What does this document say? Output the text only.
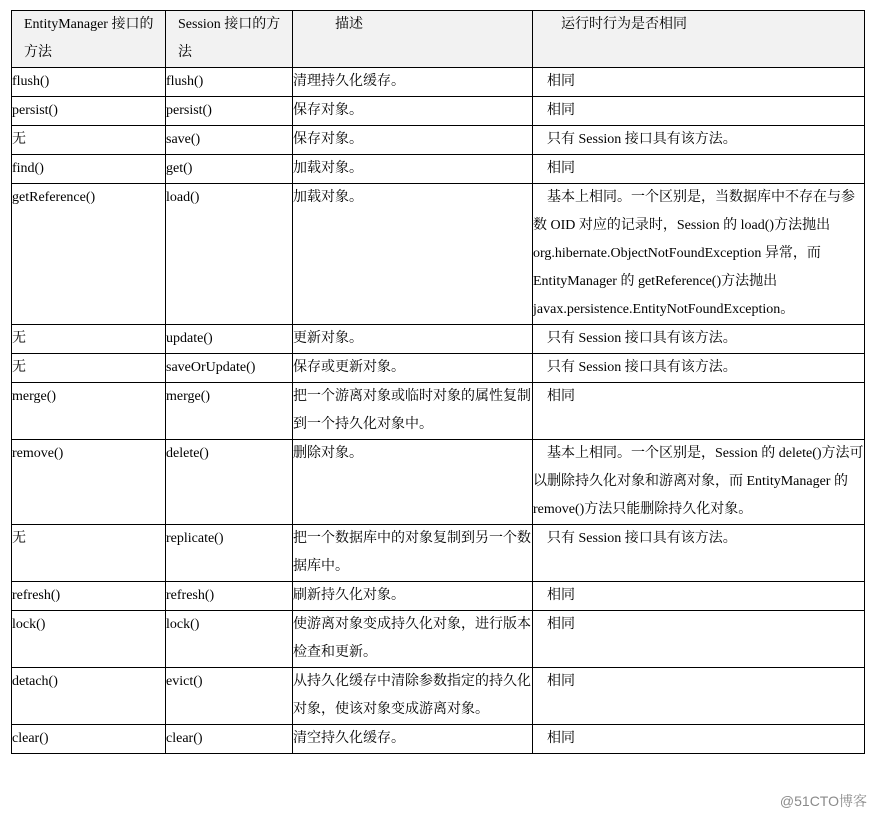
EntityManager 接口的方法	Session 接口的方法	描述	运行时行为是否相同

flush()	flush()	清理持久化缓存。	相同

persist()	persist()	保存对象。	相同

无	save()	保存对象。	只有 Session 接口具有该方法。

find()	get()	加载对象。	相同

getReference()	load()	加载对象。	基本上相同。一个区别是，当数据库中不存在与参数 OID 对应的记录时，Session 的 load()方法抛出 org.hibernate.ObjectNotFoundException 异常，而 EntityManager 的 getReference()方法抛出 javax.persistence.EntityNotFoundException。

无	update()	更新对象。	只有 Session 接口具有该方法。

无	saveOrUpdate()	保存或更新对象。	只有 Session 接口具有该方法。

merge()	merge()	把一个游离对象或临时对象的属性复制到一个持久化对象中。	相同

remove()	delete()	删除对象。	基本上相同。一个区别是，Session 的 delete()方法可以删除持久化对象和游离对象，而 EntityManager 的 remove()方法只能删除持久化对象。

无	replicate()	把一个数据库中的对象复制到另一个数据库中。	只有 Session 接口具有该方法。

refresh()	refresh()	刷新持久化对象。	相同

lock()	lock()	使游离对象变成持久化对象，进行版本检查和更新。	相同

detach()	evict()	从持久化缓存中清除参数指定的持久化对象，使该对象变成游离对象。	相同

clear()	clear()	清空持久化缓存。	相同
@51CTO博客
